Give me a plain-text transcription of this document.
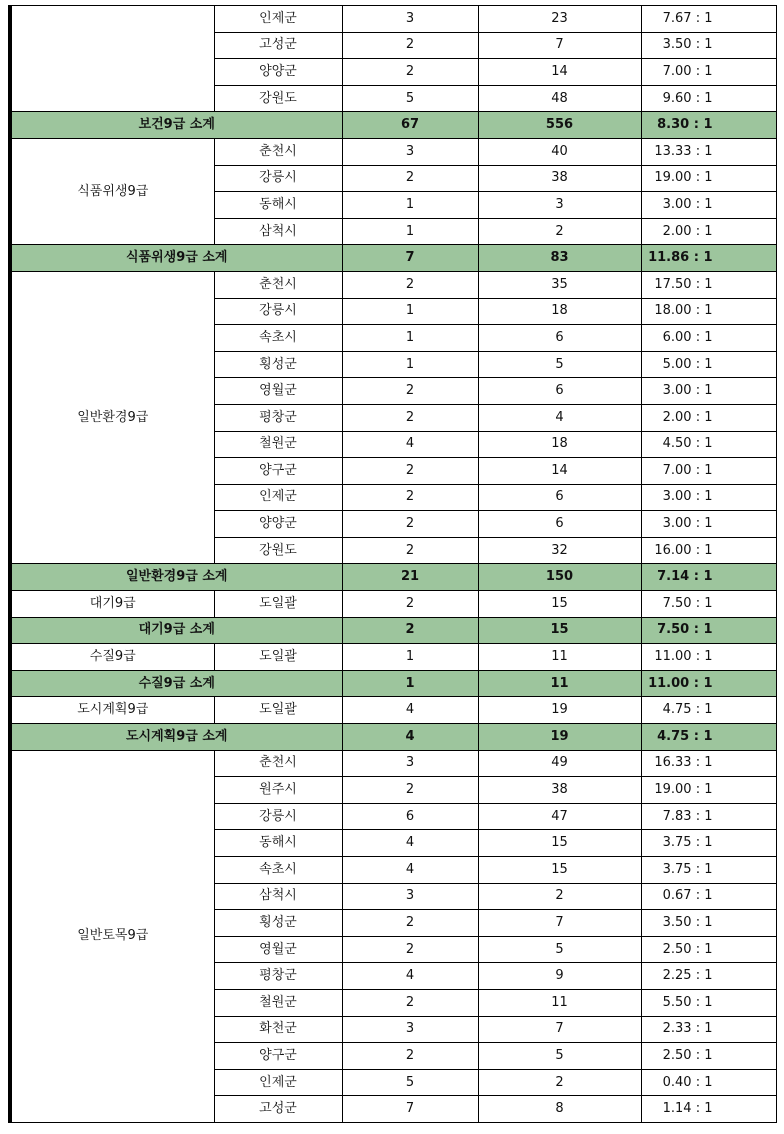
	인제군	3	23	7.67 : 1
	고성군	2	7	3.50 : 1
	양양군	2	14	7.00 : 1
	강원도	5	48	9.60 : 1
보건9급 소계		67	556	8.30 : 1
식품위생9급	춘천시	3	40	13.33 : 1
	강릉시	2	38	19.00 : 1
	동해시	1	3	3.00 : 1
	삼척시	1	2	2.00 : 1
식품위생9급 소계		7	83	11.86 : 1
일반환경9급	춘천시	2	35	17.50 : 1
	강릉시	1	18	18.00 : 1
	속초시	1	6	6.00 : 1
	횡성군	1	5	5.00 : 1
	영월군	2	6	3.00 : 1
	평창군	2	4	2.00 : 1
	철원군	4	18	4.50 : 1
	양구군	2	14	7.00 : 1
	인제군	2	6	3.00 : 1
	양양군	2	6	3.00 : 1
	강원도	2	32	16.00 : 1
일반환경9급 소계		21	150	7.14 : 1
대기9급	도일괄	2	15	7.50 : 1
대기9급 소계		2	15	7.50 : 1
수질9급	도일괄	1	11	11.00 : 1
수질9급 소계		1	11	11.00 : 1
도시계획9급	도일괄	4	19	4.75 : 1
도시계획9급 소계		4	19	4.75 : 1
일반토목9급	춘천시	3	49	16.33 : 1
	원주시	2	38	19.00 : 1
	강릉시	6	47	7.83 : 1
	동해시	4	15	3.75 : 1
	속초시	4	15	3.75 : 1
	삼척시	3	2	0.67 : 1
	횡성군	2	7	3.50 : 1
	영월군	2	5	2.50 : 1
	평창군	4	9	2.25 : 1
	철원군	2	11	5.50 : 1
	화천군	3	7	2.33 : 1
	양구군	2	5	2.50 : 1
	인제군	5	2	0.40 : 1
	고성군	7	8	1.14 : 1
